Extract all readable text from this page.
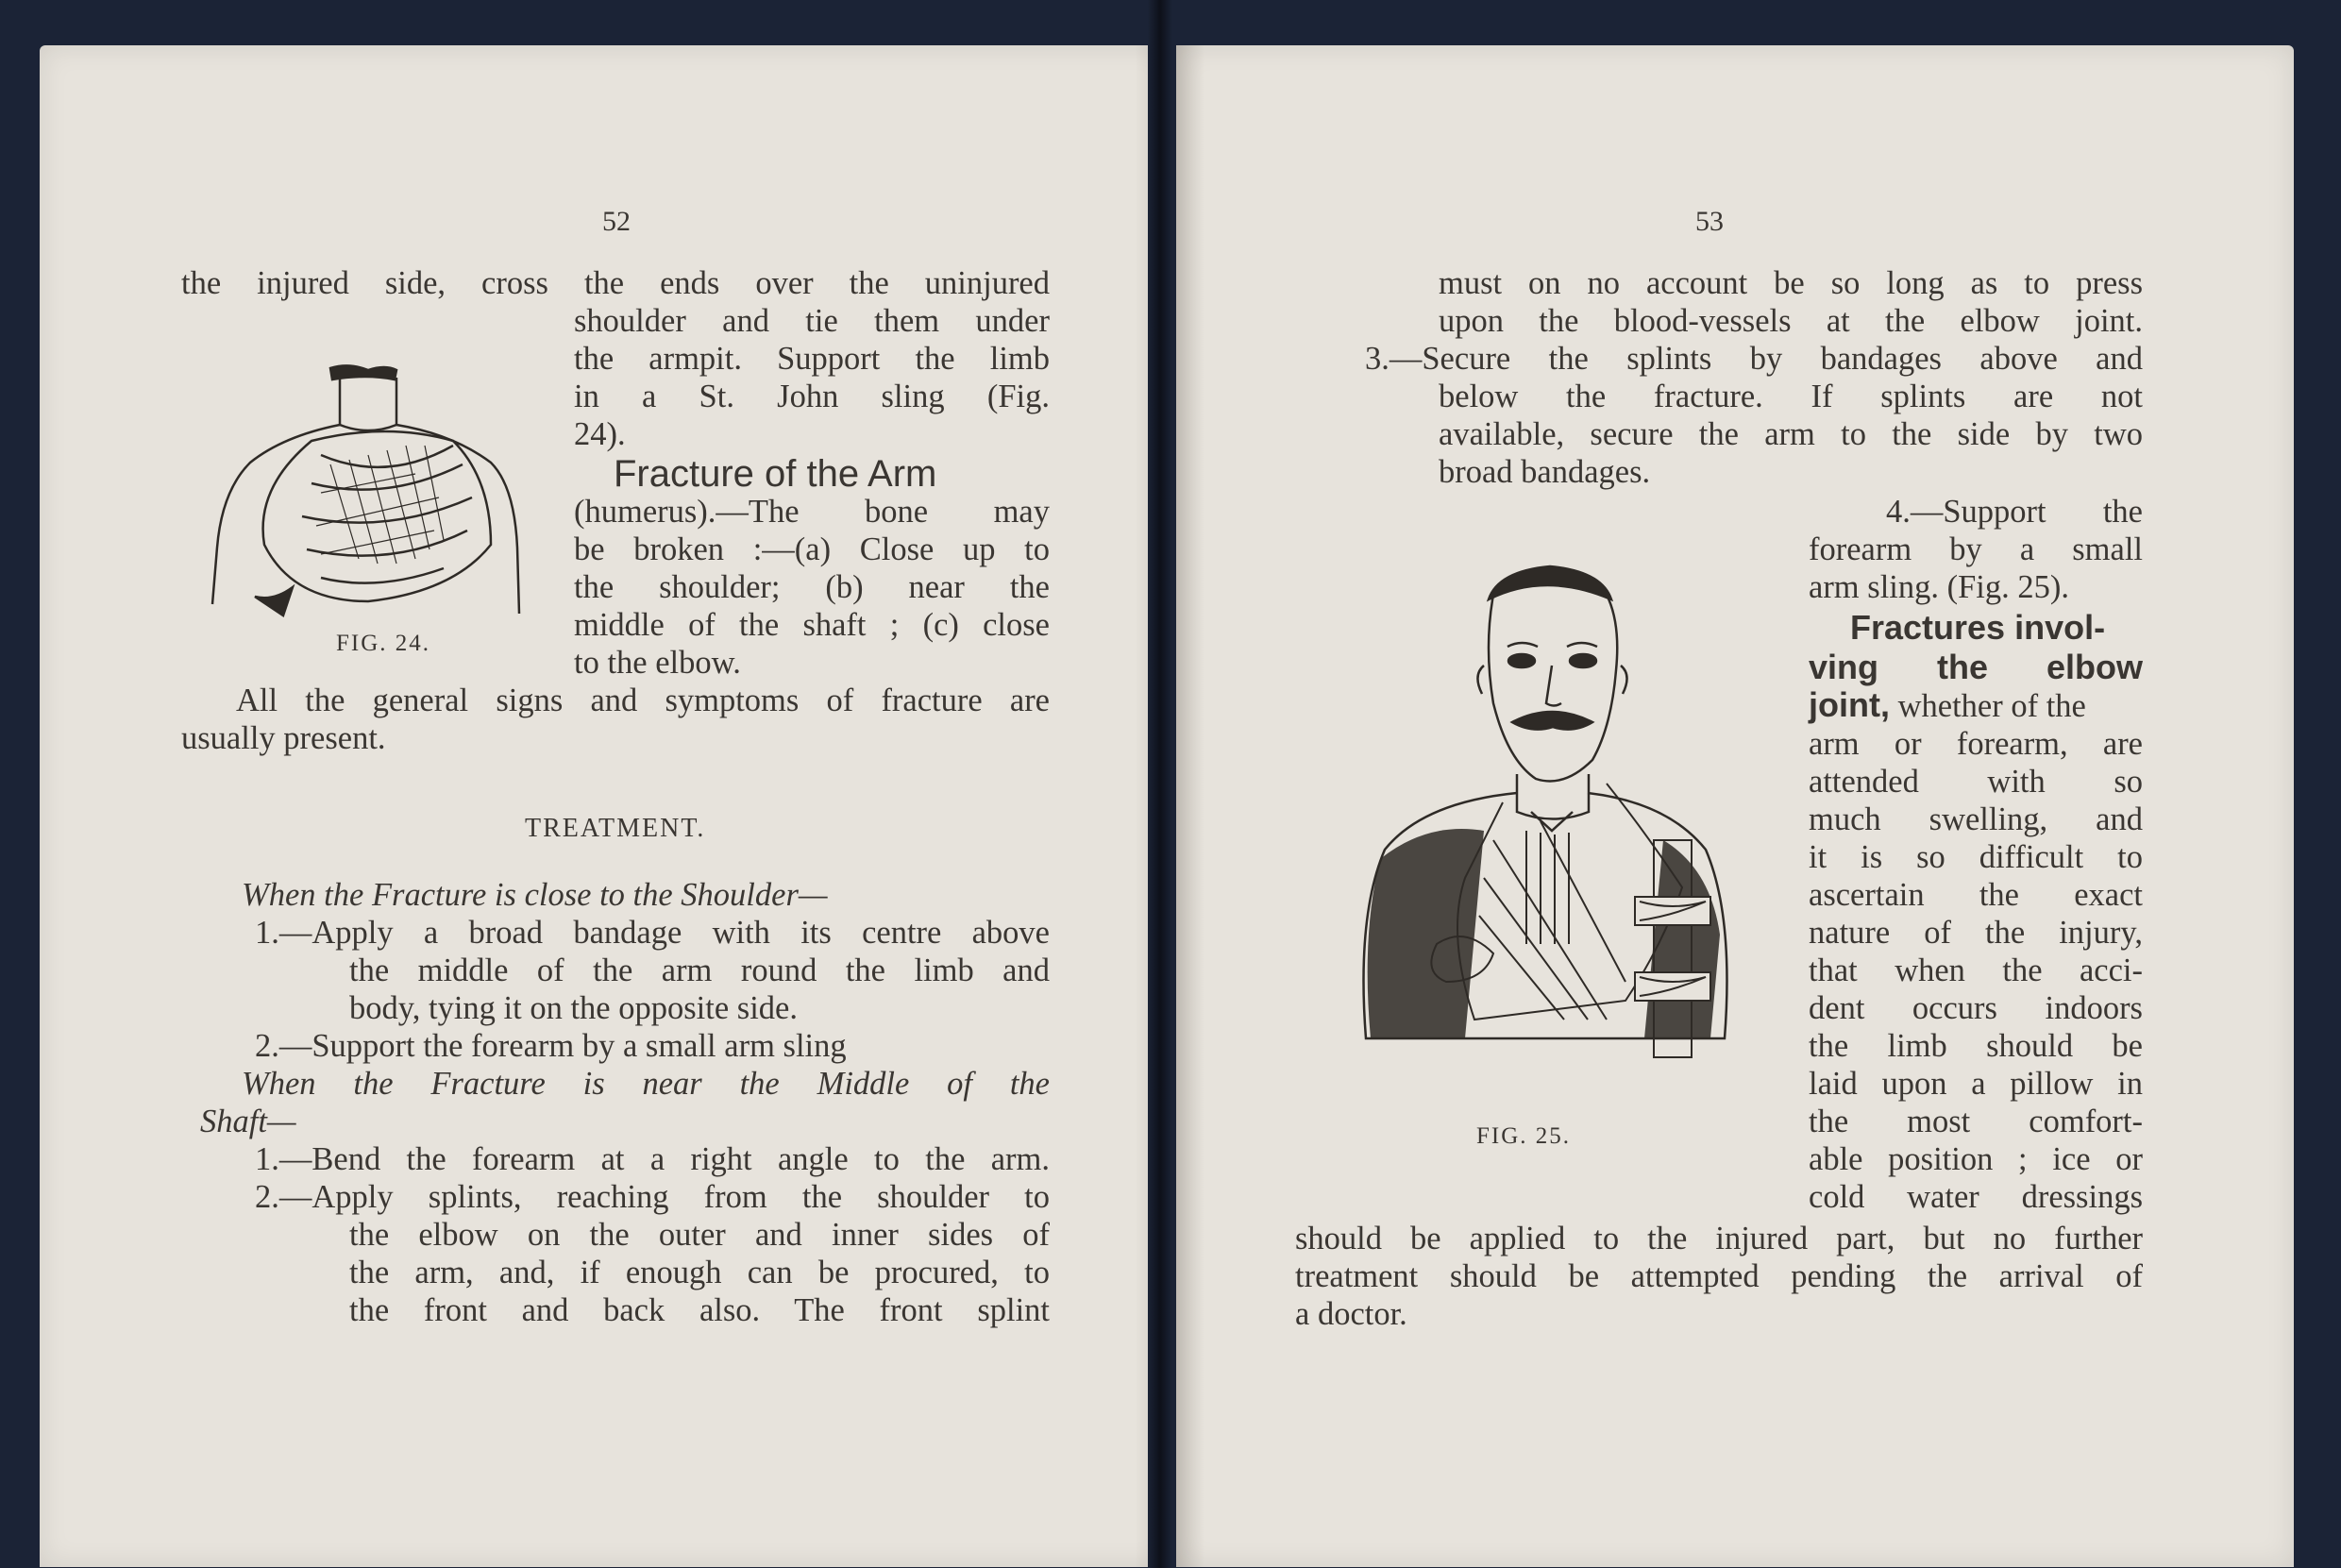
52
the injured side, cross the ends over the uninjured
shoulder and tie them under
the armpit. Support the limb
in a St. John sling (Fig.
24).
Fracture of the Arm
(humerus).—The bone may
be broken :—(a) Close up to
the shoulder; (b) near the
middle of the shaft ; (c) close
to the elbow.
FIG. 24.
All the general signs and symptoms of fracture are
usually present.
TREATMENT.
When the Fracture is close to the Shoulder—
1.—Apply a broad bandage with its centre above
the middle of the arm round the limb and
body, tying it on the opposite side.
2.—Support the forearm by a small arm sling
When the Fracture is near the Middle of the
Shaft—
1.—Bend the forearm at a right angle to the arm.
2.—Apply splints, reaching from the shoulder to
the elbow on the outer and inner sides of
the arm, and, if enough can be procured, to
the front and back also. The front splint
53
must on no account be so long as to press
upon the blood-vessels at the elbow joint.
3.—Secure the splints by bandages above and
below the fracture. If splints are not
available, secure the arm to the side by two
broad bandages.
4.—Support the
forearm by a small
arm sling. (Fig. 25).
Fractures invol-
ving the elbow
joint, whether of the
arm or forearm, are
attended with so
much swelling, and
it is so difficult to
ascertain the exact
nature of the injury,
that when the acci-
dent occurs indoors
the limb should be
laid upon a pillow in
the most comfort-
able position ; ice or
cold water dressings
should be applied to the injured part, but no further
treatment should be attempted pending the arrival of
a doctor.
FIG. 25.
